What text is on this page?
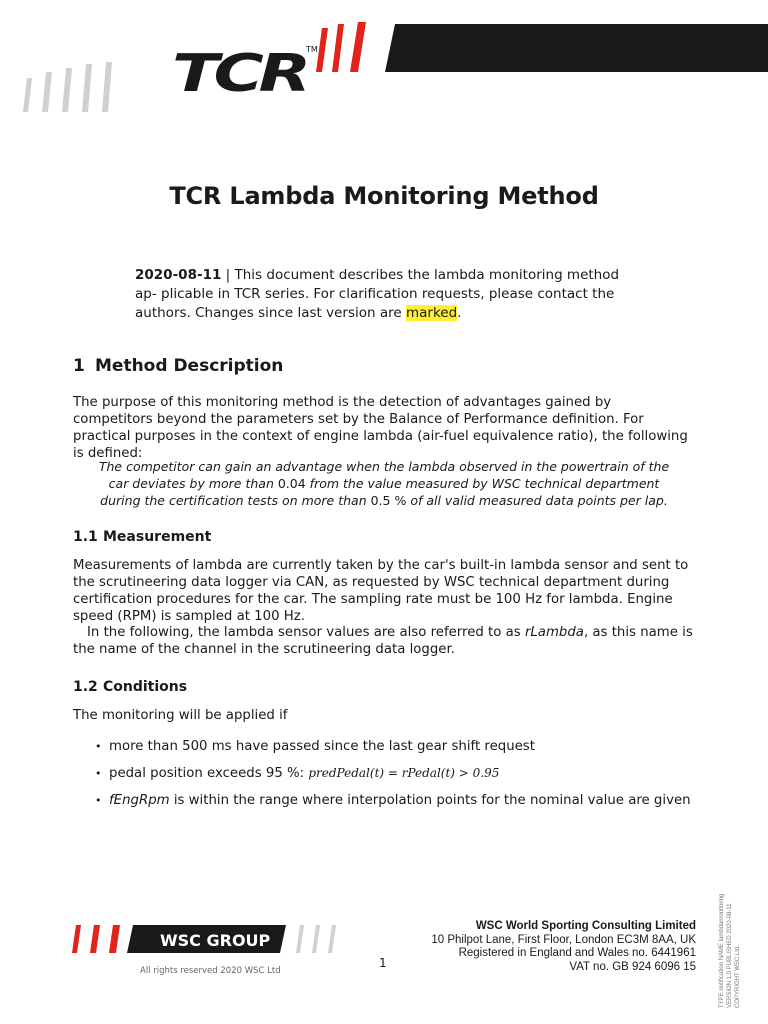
TCR TM
TCR Lambda Monitoring Method
2020-08-11 | This document describes the lambda monitoring method ap- plicable in TCR series. For clarification requests, please contact the authors. Changes since last version are marked.
1 Method Description
The purpose of this monitoring method is the detection of advantages gained by competitors beyond the parameters set by the Balance of Performance definition. For practical purposes in the context of engine lambda (air-fuel equivalence ratio), the following is defined:
The competitor can gain an advantage when the lambda observed in the powertrain of the car deviates by more than 0.04 from the value measured by WSC technical department during the certification tests on more than 0.5 % of all valid measured data points per lap.
1.1 Measurement
Measurements of lambda are currently taken by the car's built-in lambda sensor and sent to the scrutineering data logger via CAN, as requested by WSC technical department during certification procedures for the car. The sampling rate must be 100 Hz for lambda. Engine speed (RPM) is sampled at 100 Hz.
In the following, the lambda sensor values are also referred to as rLambda, as this name is the name of the channel in the scrutineering data logger.
1.2 Conditions
The monitoring will be applied if
• more than 500 ms have passed since the last gear shift request
• pedal position exceeds 95 %: predPedal(t) = rPedal(t) > 0.95
• fEngRpm is within the range where interpolation points for the nominal value are given
WSC GROUP
All rights reserved 2020 WSC Ltd
1
WSC World Sporting Consulting Limited
10 Philpot Lane, First Floor, London EC3M 8AA, UK
Registered in England and Wales no. 6441961
VAT no. GB 924 6096 15	TYPE notification NAME lambdamonitoring VERSION 1.0 PUBLISHED 2020-08-11 COPYRIGHT WSC Ltd.
